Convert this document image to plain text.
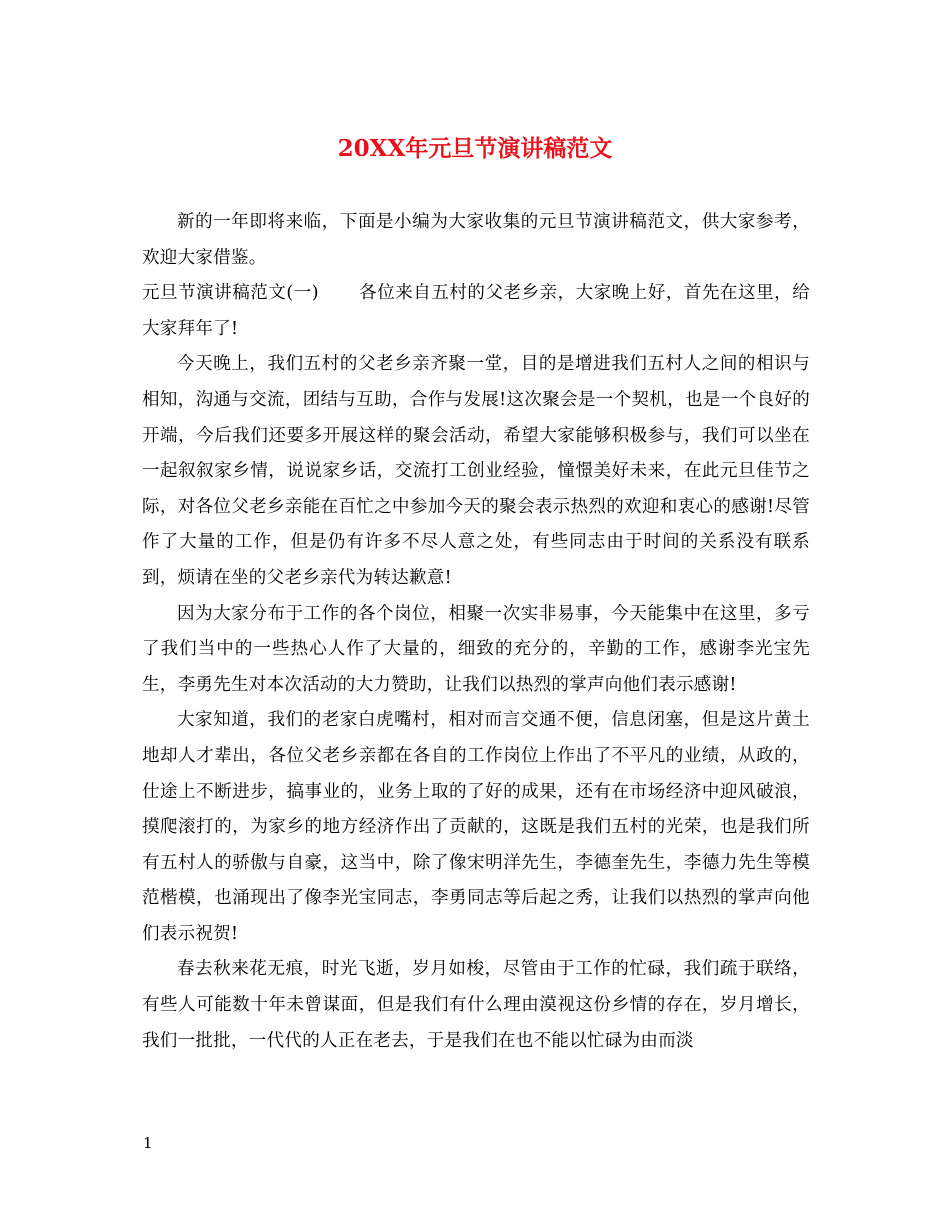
20XX年元旦节演讲稿范文

新的一年即将来临，下面是小编为大家收集的元旦节演讲稿范文，供大家参考，欢迎大家借鉴。

元旦节演讲稿范文(一) 各位来自五村的父老乡亲，大家晚上好，首先在这里，给大家拜年了!

今天晚上，我们五村的父老乡亲齐聚一堂，目的是增进我们五村人之间的相识与相知，沟通与交流，团结与互助，合作与发展!这次聚会是一个契机，也是一个良好的开端，今后我们还要多开展这样的聚会活动，希望大家能够积极参与，我们可以坐在一起叙叙家乡情，说说家乡话，交流打工创业经验，憧憬美好未来，在此元旦佳节之际，对各位父老乡亲能在百忙之中参加今天的聚会表示热烈的欢迎和衷心的感谢!尽管作了大量的工作，但是仍有许多不尽人意之处，有些同志由于时间的关系没有联系到，烦请在坐的父老乡亲代为转达歉意!

因为大家分布于工作的各个岗位，相聚一次实非易事，今天能集中在这里，多亏了我们当中的一些热心人作了大量的，细致的充分的，辛勤的工作，感谢李光宝先生，李勇先生对本次活动的大力赞助，让我们以热烈的掌声向他们表示感谢!

大家知道，我们的老家白虎嘴村，相对而言交通不便，信息闭塞，但是这片黄土地却人才辈出，各位父老乡亲都在各自的工作岗位上作出了不平凡的业绩，从政的，仕途上不断进步，搞事业的，业务上取的了好的成果，还有在市场经济中迎风破浪，摸爬滚打的，为家乡的地方经济作出了贡献的，这既是我们五村的光荣，也是我们所有五村人的骄傲与自豪，这当中，除了像宋明洋先生，李德奎先生，李德力先生等模范楷模，也涌现出了像李光宝同志，李勇同志等后起之秀，让我们以热烈的掌声向他们表示祝贺!

春去秋来花无痕，时光飞逝，岁月如梭，尽管由于工作的忙碌，我们疏于联络，有些人可能数十年未曾谋面，但是我们有什么理由漠视这份乡情的存在，岁月增长，我们一批批，一代代的人正在老去，于是我们在也不能以忙碌为由而淡

1
